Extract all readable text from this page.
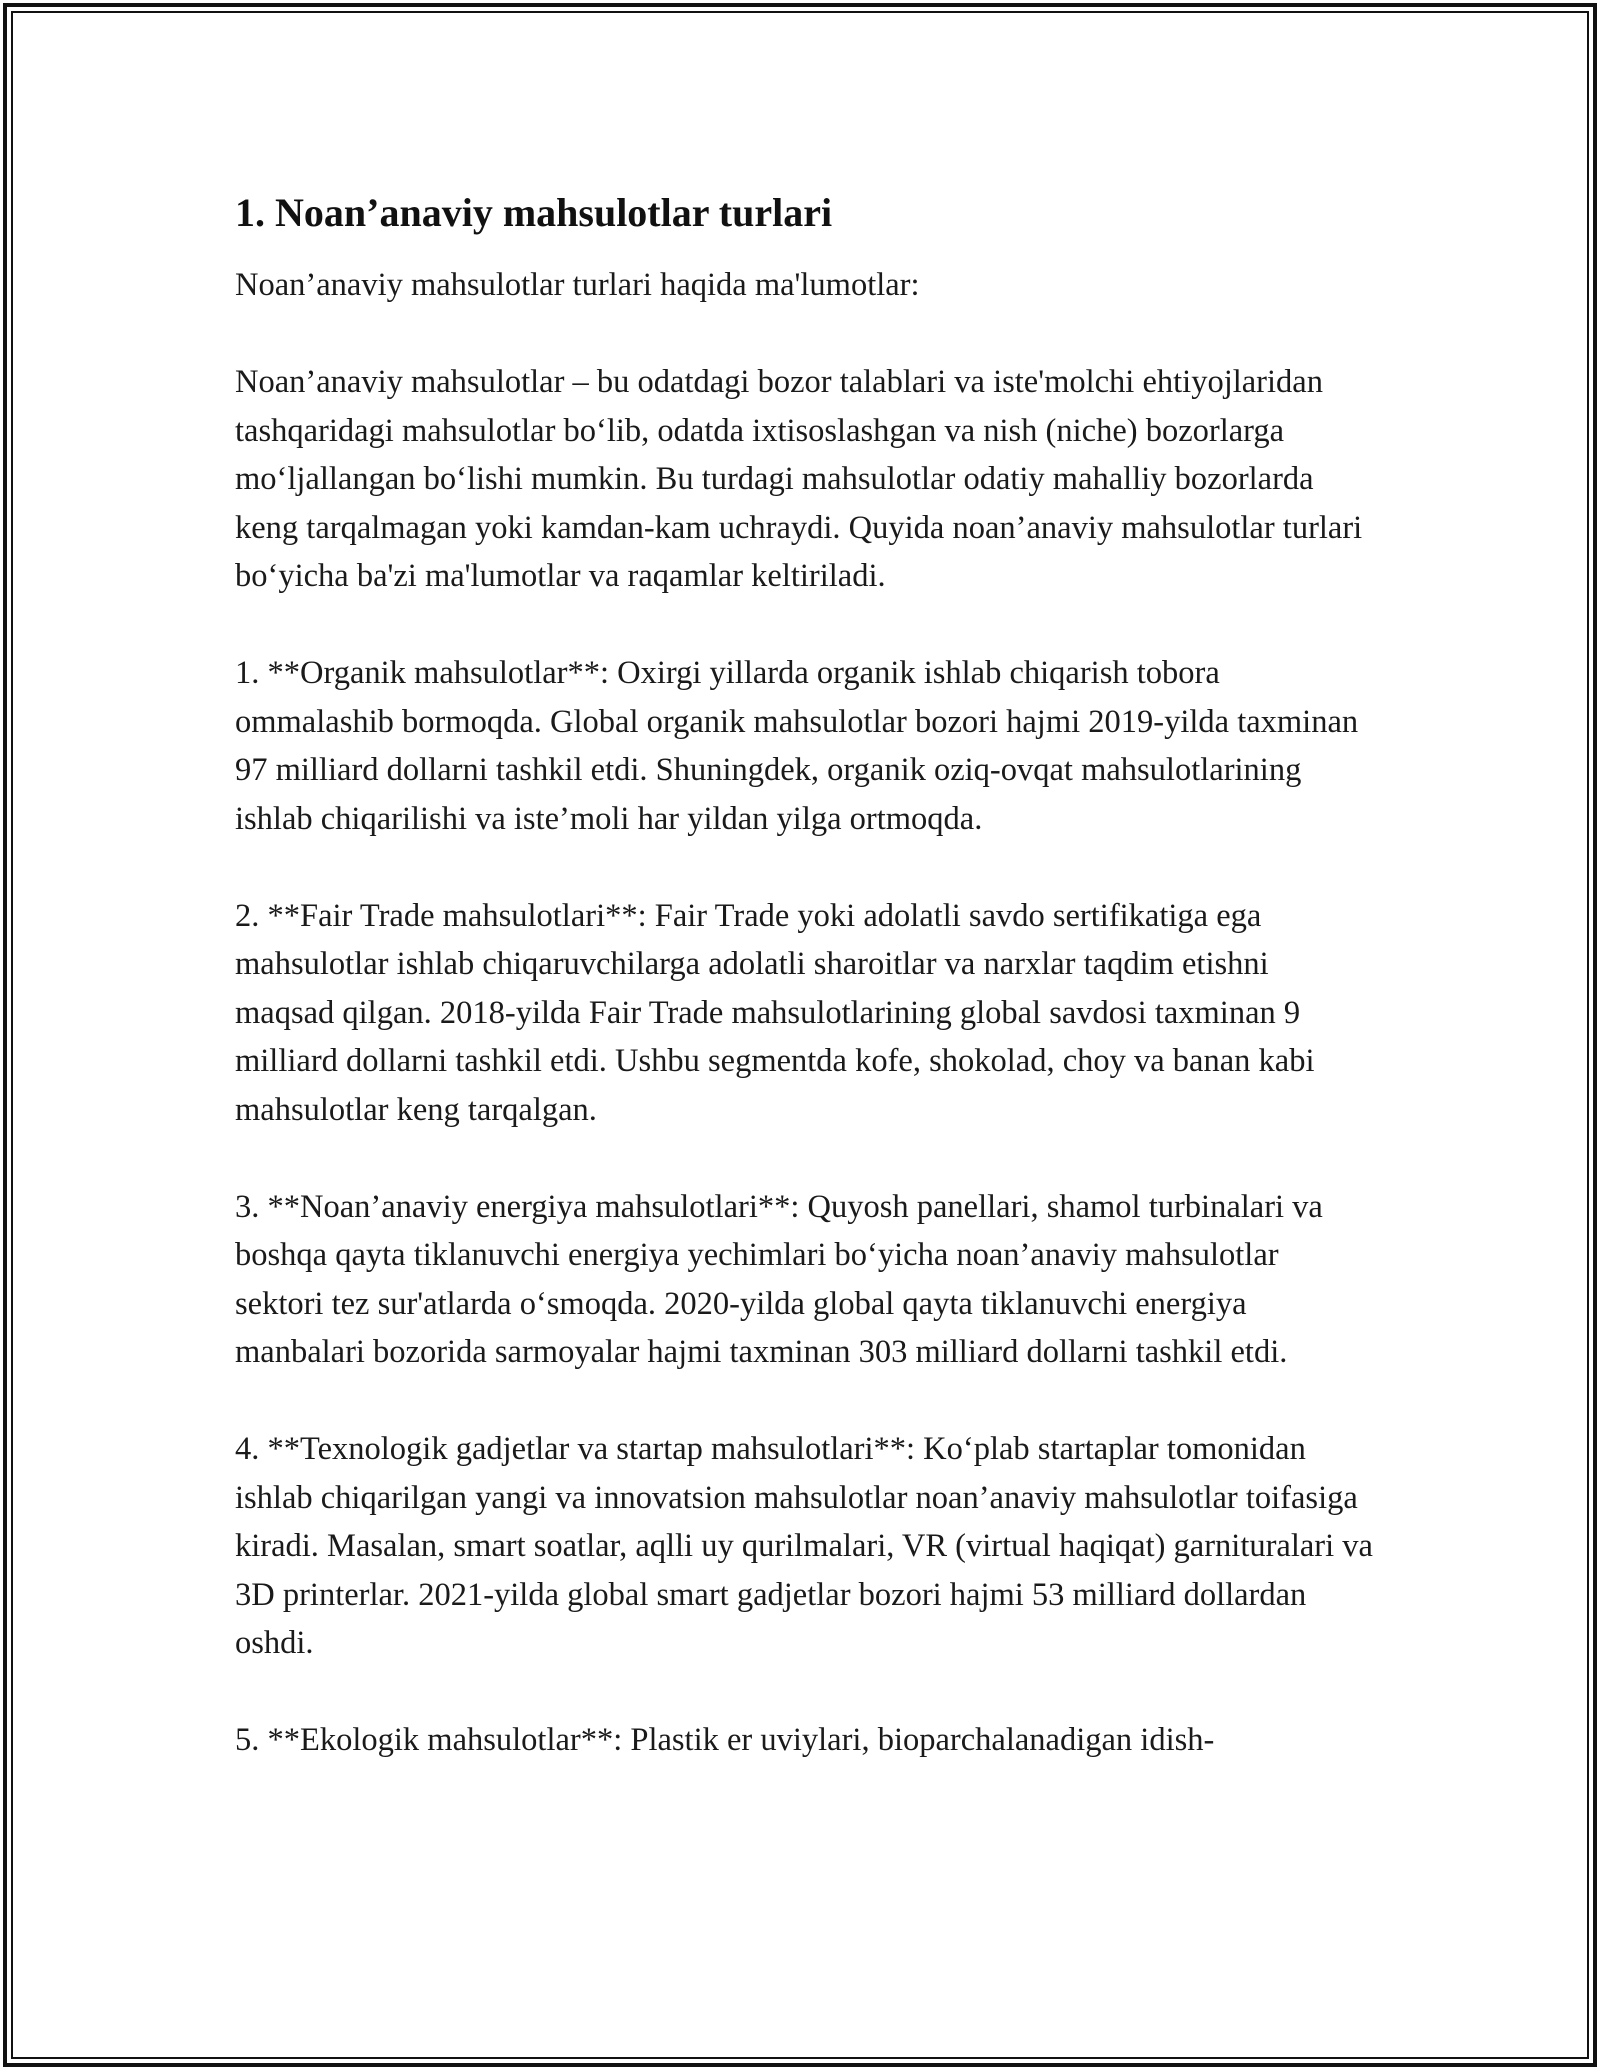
1. Noan’anaviy mahsulotlar turlari

Noan’anaviy mahsulotlar turlari haqida ma'lumotlar:

Noan’anaviy mahsulotlar – bu odatdagi bozor talablari va iste'molchi ehtiyojlaridan tashqaridagi mahsulotlar bo‘lib, odatda ixtisoslashgan va nish (niche) bozorlarga mo‘ljallangan bo‘lishi mumkin. Bu turdagi mahsulotlar odatiy mahalliy bozorlarda keng tarqalmagan yoki kamdan-kam uchraydi. Quyida noan’anaviy mahsulotlar turlari bo‘yicha ba'zi ma'lumotlar va raqamlar keltiriladi.

1. **Organik mahsulotlar**: Oxirgi yillarda organik ishlab chiqarish tobora ommalashib bormoqda. Global organik mahsulotlar bozori hajmi 2019-yilda taxminan 97 milliard dollarni tashkil etdi. Shuningdek, organik oziq-ovqat mahsulotlarining ishlab chiqarilishi va iste’moli har yildan yilga ortmoqda.

2. **Fair Trade mahsulotlari**: Fair Trade yoki adolatli savdo sertifikatiga ega mahsulotlar ishlab chiqaruvchilarga adolatli sharoitlar va narxlar taqdim etishni maqsad qilgan. 2018-yilda Fair Trade mahsulotlarining global savdosi taxminan 9 milliard dollarni tashkil etdi. Ushbu segmentda kofe, shokolad, choy va banan kabi mahsulotlar keng tarqalgan.

3. **Noan’anaviy energiya mahsulotlari**: Quyosh panellari, shamol turbinalari va boshqa qayta tiklanuvchi energiya yechimlari bo‘yicha noan’anaviy mahsulotlar sektori tez sur'atlarda o‘smoqda. 2020-yilda global qayta tiklanuvchi energiya manbalari bozorida sarmoyalar hajmi taxminan 303 milliard dollarni tashkil etdi.

4. **Texnologik gadjetlar va startap mahsulotlari**: Ko‘plab startaplar tomonidan ishlab chiqarilgan yangi va innovatsion mahsulotlar noan’anaviy mahsulotlar toifasiga kiradi. Masalan, smart soatlar, aqlli uy qurilmalari, VR (virtual haqiqat) garnituralari va 3D printerlar. 2021-yilda global smart gadjetlar bozori hajmi 53 milliard dollardan oshdi.

5. **Ekologik mahsulotlar**: Plastik er uviylari, bioparchalanadigan idish-
